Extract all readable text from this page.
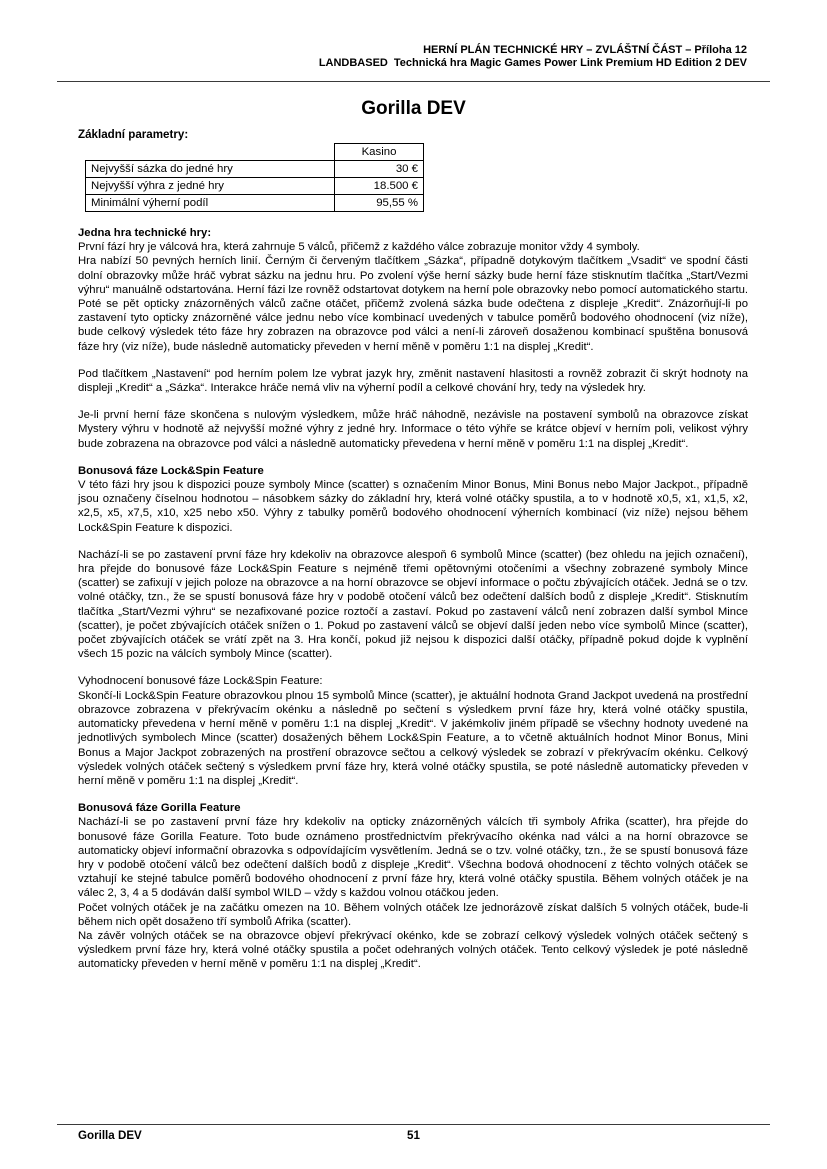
HERNÍ PLÁN TECHNICKÉ HRY – ZVLÁŠTNÍ ČÁST – Příloha 12
LANDBASED Technická hra Magic Games Power Link Premium HD Edition 2 DEV
Gorilla DEV
Základní parametry:
	Kasino
Nejvyšší sázka do jedné hry	30 €
Nejvyšší výhra z jedné hry	18.500 €
Minimální výherní podíl	95,55 %

Jedna hra technické hry:

První fází hry je válcová hra, která zahrnuje 5 válců, přičemž z každého válce zobrazuje monitor vždy 4 symboly.

Hra nabízí 50 pevných herních linií. Černým či červeným tlačítkem „Sázka“, případně dotykovým tlačítkem „Vsadit“ ve spodní části dolní obrazovky může hráč vybrat sázku na jednu hru. Po zvolení výše herní sázky bude herní fáze stisknutím tlačítka „Start/Vezmi výhru“ manuálně odstartována. Herní fázi lze rovněž odstartovat dotykem na herní pole obrazovky nebo pomocí automatického startu.

Poté se pět opticky znázorněných válců začne otáčet, přičemž zvolená sázka bude odečtena z displeje „Kredit“. Znázorňují-li po zastavení tyto opticky znázorněné válce jednu nebo více kombinací uvedených v tabulce poměrů bodového ohodnocení (viz níže), bude celkový výsledek této fáze hry zobrazen na obrazovce pod válci a není-li zároveň dosaženou kombinací spuštěna bonusová fáze hry (viz níže), bude následně automaticky převeden v herní měně v poměru 1:1 na displej „Kredit“.

Pod tlačítkem „Nastavení“ pod herním polem lze vybrat jazyk hry, změnit nastavení hlasitosti a rovněž zobrazit či skrýt hodnoty na displeji „Kredit“ a „Sázka“. Interakce hráče nemá vliv na výherní podíl a celkové chování hry, tedy na výsledek hry.

Je-li první herní fáze skončena s nulovým výsledkem, může hráč náhodně, nezávisle na postavení symbolů na obrazovce získat Mystery výhru v hodnotě až nejvyšší možné výhry z jedné hry. Informace o této výhře se krátce objeví v herním poli, velikost výhry bude zobrazena na obrazovce pod válci a následně automaticky převedena v herní měně v poměru 1:1 na displej „Kredit“.

Bonusová fáze Lock&Spin Feature

V této fázi hry jsou k dispozici pouze symboly Mince (scatter) s označením Minor Bonus, Mini Bonus nebo Major Jackpot., případně jsou označeny číselnou hodnotou – násobkem sázky do základní hry, která volné otáčky spustila, a to v hodnotě x0,5, x1, x1,5, x2, x2,5, x5, x7,5, x10, x25 nebo x50. Výhry z tabulky poměrů bodového ohodnocení výherních kombinací (viz níže) nejsou během Lock&Spin Feature k dispozici.

Nachází-li se po zastavení první fáze hry kdekoliv na obrazovce alespoň 6 symbolů Mince (scatter) (bez ohledu na jejich označení), hra přejde do bonusové fáze Lock&Spin Feature s nejméně třemi opětovnými otočeními a všechny zobrazené symboly Mince (scatter) se zafixují v jejich poloze na obrazovce a na horní obrazovce se objeví informace o počtu zbývajících otáček. Jedná se o tzv. volné otáčky, tzn., že se spustí bonusová fáze hry v podobě otočení válců bez odečtení dalších bodů z displeje „Kredit“. Stisknutím tlačítka „Start/Vezmi výhru“ se nezafixované pozice roztočí a zastaví. Pokud po zastavení válců není zobrazen další symbol Mince (scatter), je počet zbývajících otáček snížen o 1. Pokud po zastavení válců se objeví další jeden nebo více symbolů Mince (scatter), počet zbývajících otáček se vrátí zpět na 3. Hra končí, pokud již nejsou k dispozici další otáčky, případně pokud dojde k vyplnění všech 15 pozic na válcích symboly Mince (scatter).

Vyhodnocení bonusové fáze Lock&Spin Feature:

Skončí-li Lock&Spin Feature obrazovkou plnou 15 symbolů Mince (scatter), je aktuální hodnota Grand Jackpot uvedená na prostřední obrazovce zobrazena v překrývacím okénku a následně po sečtení s výsledkem první fáze hry, která volné otáčky spustila, automaticky převedena v herní měně v poměru 1:1 na displej „Kredit“. V jakémkoliv jiném případě se všechny hodnoty uvedené na jednotlivých symbolech Mince (scatter) dosažených během Lock&Spin Feature, a to včetně aktuálních hodnot Minor Bonus, Mini Bonus a Major Jackpot zobrazených na prostření obrazovce sečtou a celkový výsledek se zobrazí v překrývacím okénku. Celkový výsledek volných otáček sečtený s výsledkem první fáze hry, která volné otáčky spustila, se poté následně automaticky převeden v herní měně v poměru 1:1 na displej „Kredit“.

Bonusová fáze Gorilla Feature

Nachází-li se po zastavení první fáze hry kdekoliv na opticky znázorněných válcích tři symboly Afrika (scatter), hra přejde do bonusové fáze Gorilla Feature. Toto bude oznámeno prostřednictvím překrývacího okénka nad válci a na horní obrazovce se automaticky objeví informační obrazovka s odpovídajícím vysvětlením. Jedná se o tzv. volné otáčky, tzn., že se spustí bonusová fáze hry v podobě otočení válců bez odečtení dalších bodů z displeje „Kredit“. Všechna bodová ohodnocení z těchto volných otáček se vztahují ke stejné tabulce poměrů bodového ohodnocení z první fáze hry, která volné otáčky spustila. Během volných otáček je na válec 2, 3, 4 a 5 dodáván další symbol WILD – vždy s každou volnou otáčkou jeden.

Počet volných otáček je na začátku omezen na 10. Během volných otáček lze jednorázově získat dalších 5 volných otáček, bude-li během nich opět dosaženo tří symbolů Afrika (scatter).

Na závěr volných otáček se na obrazovce objeví překrývací okénko, kde se zobrazí celkový výsledek volných otáček sečtený s výsledkem první fáze hry, která volné otáčky spustila a počet odehraných volných otáček. Tento celkový výsledek je poté následně automaticky převeden v herní měně v poměru 1:1 na displej „Kredit“.

Gorilla DEV	51
